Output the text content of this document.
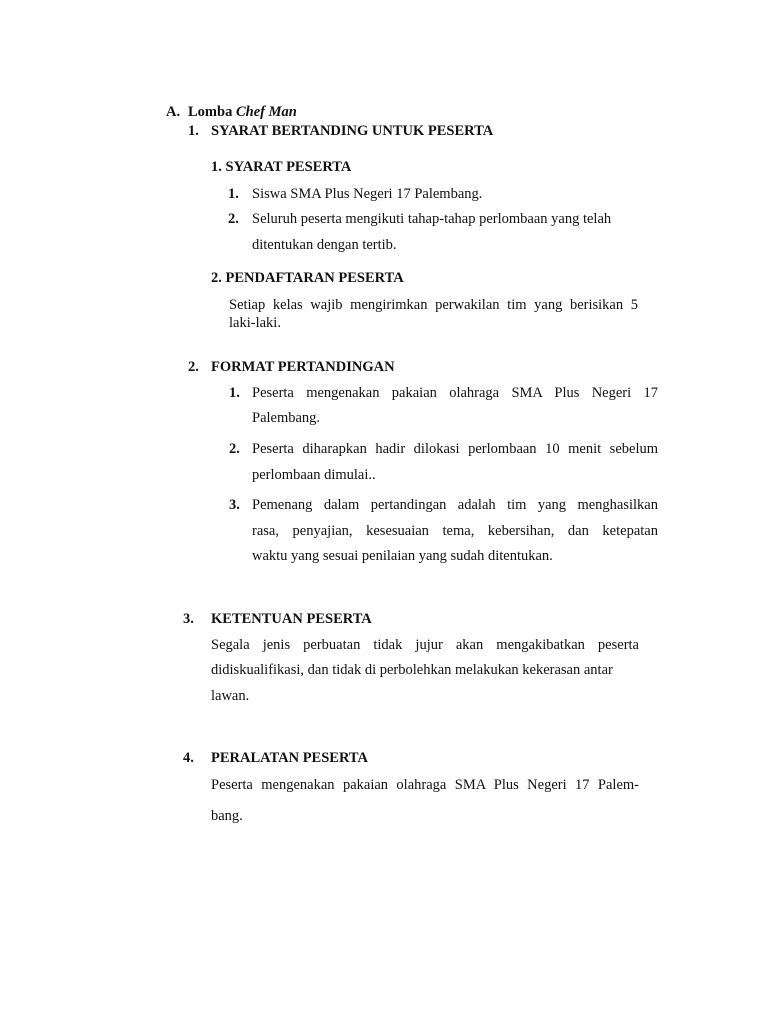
A. Lomba Chef Man
1. SYARAT BERTANDING UNTUK PESERTA
1. SYARAT PESERTA
1. Siswa SMA Plus Negeri 17 Palembang.
2. Seluruh peserta mengikuti tahap-tahap perlombaan yang telah
ditentukan dengan tertib.
2. PENDAFTARAN PESERTA
Setiap kelas wajib mengirimkan perwakilan tim yang berisikan 5
laki-laki.
2. FORMAT PERTANDINGAN
1. Peserta mengenakan pakaian olahraga SMA Plus Negeri 17
Palembang.
2. Peserta diharapkan hadir dilokasi perlombaan 10 menit sebelum
perlombaan dimulai..
3. Pemenang dalam pertandingan adalah tim yang menghasilkan
rasa, penyajian, kesesuaian tema, kebersihan, dan ketepatan
waktu yang sesuai penilaian yang sudah ditentukan.
3. KETENTUAN PESERTA
Segala jenis perbuatan tidak jujur akan mengakibatkan peserta
didiskualifikasi, dan tidak di perbolehkan melakukan kekerasan antar
lawan.
4. PERALATAN PESERTA
Peserta mengenakan pakaian olahraga SMA Plus Negeri 17 Palem-
bang.
